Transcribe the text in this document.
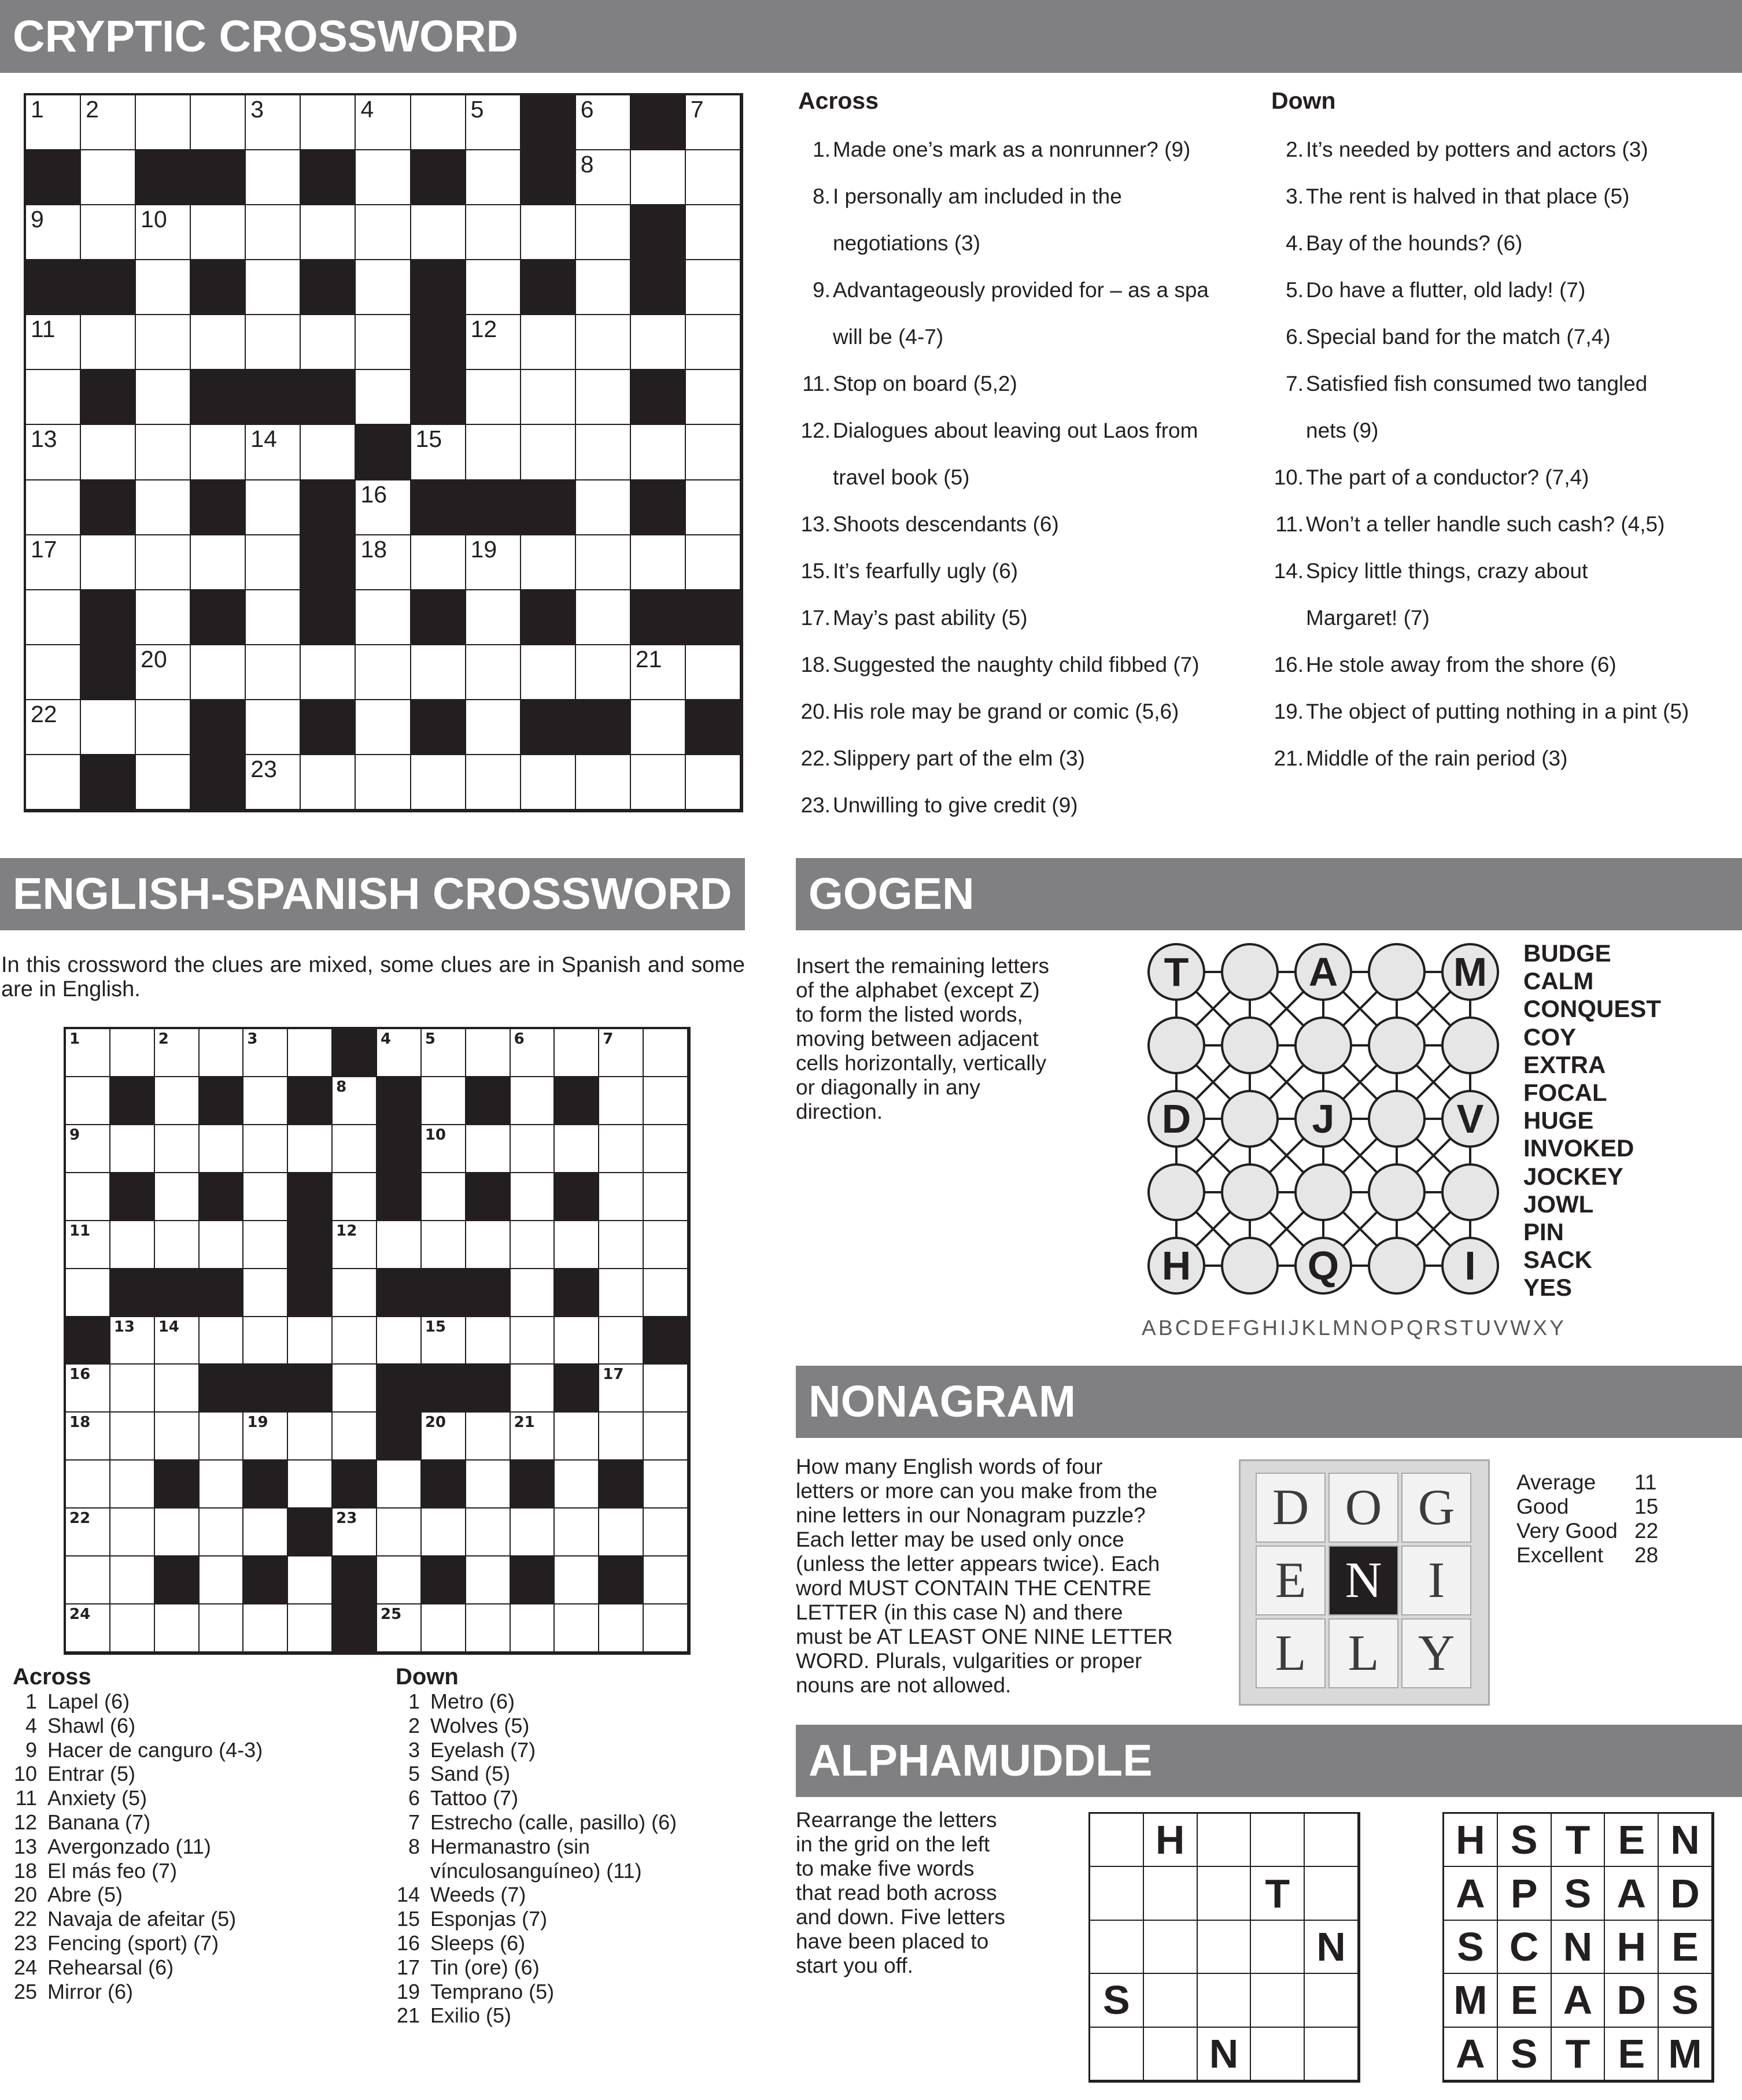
CRYPTIC CROSSWORD
1 2	3	4	5	6	7
8
9	10
11	12
13	14	15
16
17	18	19
20	21
22
23
Across
1. Made one’s mark as a nonrunner? (9)
8. I personally am included in the
negotiations (3)
9. Advantageously provided for – as a spa
will be (4-7)
11. Stop on board (5,2)
12. Dialogues about leaving out Laos from
travel book (5)
13. Shoots descendants (6)
15. It’s fearfully ugly (6)
17. May’s past ability (5)
18. Suggested the naughty child fibbed (7)
20. His role may be grand or comic (5,6)
22. Slippery part of the elm (3)
23. Unwilling to give credit (9)
Down
2. It’s needed by potters and actors (3)
3. The rent is halved in that place (5)
4. Bay of the hounds? (6)
5. Do have a flutter, old lady! (7)
6. Special band for the match (7,4)
7. Satisfied fish consumed two tangled
nets (9)
10. The part of a conductor? (7,4)
11. Won’t a teller handle such cash? (4,5)
14. Spicy little things, crazy about
Margaret! (7)
16. He stole away from the shore (6)
19. The object of putting nothing in a pint (5)
21. Middle of the rain period (3)
ENGLISH-SPANISH CROSSWORD
In this crossword the clues are mixed, some clues are in Spanish and some are in English.
1	2	3	4 5	6	7
8
9	10
11	12
13 14	15
16	17
18	19	20	21
22	23
24	25
Across
1 Lapel (6)
4 Shawl (6)
9 Hacer de canguro (4-3)
10 Entrar (5)
11 Anxiety (5)
12 Banana (7)
13 Avergonzado (11)
18 El más feo (7)
20 Abre (5)
22 Navaja de afeitar (5)
23 Fencing (sport) (7)
24 Rehearsal (6)
25 Mirror (6)
Down
1 Metro (6)
2 Wolves (5)
3 Eyelash (7)
5 Sand (5)
6 Tattoo (7)
7 Estrecho (calle, pasillo) (6)
8 Hermanastro (sin vínculosanguíneo) (11)
14 Weeds (7)
15 Esponjas (7)
16 Sleeps (6)
17 Tin (ore) (6)
19 Temprano (5)
21 Exilio (5)
GOGEN
Insert the remaining letters
of the alphabet (except Z)
to form the listed words,
moving between adjacent
cells horizontally, vertically
or diagonally in any
direction.
T	A	M
D	J	V
H	Q	I
BUDGE
CALM
CONQUEST
COY
EXTRA
FOCAL
HUGE
INVOKED
JOCKEY
JOWL
PIN
SACK
YES
ABCDEFGHIJKLMNOPQRSTUVWXY
NONAGRAM
How many English words of four
letters or more can you make from the
nine letters in our Nonagram puzzle?
Each letter may be used only once
(unless the letter appears twice). Each
word MUST CONTAIN THE CENTRE
LETTER (in this case N) and there
must be AT LEAST ONE NINE LETTER
WORD. Plurals, vulgarities or proper
nouns are not allowed.
D O G
E N I
L L Y
Average	11
Good	15
Very Good 22
Excellent	28
ALPHAMUDDLE
Rearrange the letters
in the grid on the left
to make five words
that read both across
and down. Five letters
have been placed to
start you off.
H
T
N
S
N
H S T E N
A P S A D
S C N H E
M E A D S
A S T E M
